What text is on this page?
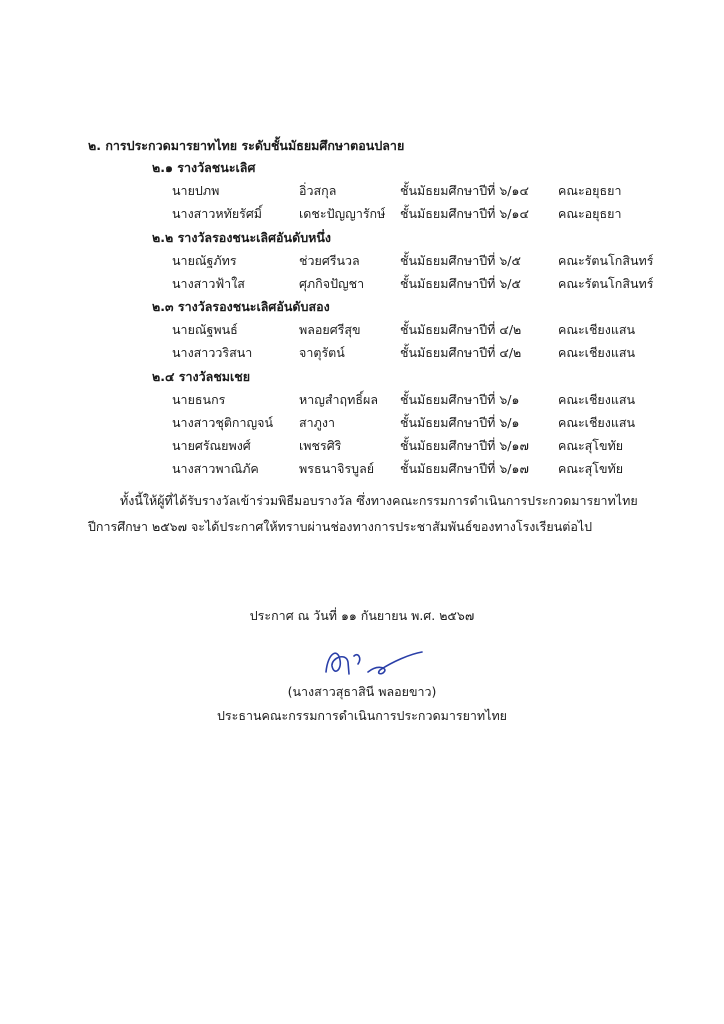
๒. การประกวดมารยาทไทย ระดับชั้นมัธยมศึกษาตอนปลาย
๒.๑ รางวัลชนะเลิศ
นายปภพ	อิ่วสกุล	ชั้นมัธยมศึกษาปีที่ ๖/๑๔ คณะอยุธยา
นางสาวหทัยรัศมิ์	เดชะปัญญารักษ์ ชั้นมัธยมศึกษาปีที่ ๖/๑๔ คณะอยุธยา
๒.๒ รางวัลรองชนะเลิศอันดับหนึ่ง
นายณัฐภัทร	ช่วยศรีนวล	ชั้นมัธยมศึกษาปีที่ ๖/๕	คณะรัตนโกสินทร์
นางสาวฟ้าใส	ศุภกิจปัญชา	ชั้นมัธยมศึกษาปีที่ ๖/๕	คณะรัตนโกสินทร์
๒.๓ รางวัลรองชนะเลิศอันดับสอง
นายณัฐพนธ์	พลอยศรีสุข	ชั้นมัธยมศึกษาปีที่ ๔/๒	คณะเชียงแสน
นางสาววริสนา	จาตุรัตน์	ชั้นมัธยมศึกษาปีที่ ๔/๒	คณะเชียงแสน
๒.๔ รางวัลชมเชย
นายธนกร	หาญสำฤทธิ์ผล ชั้นมัธยมศึกษาปีที่ ๖/๑	คณะเชียงแสน
นางสาวชุติกาญจน์ สาภูงา	ชั้นมัธยมศึกษาปีที่ ๖/๑	คณะเชียงแสน
นายศรัณยพงศ์	เพชรศิริ	ชั้นมัธยมศึกษาปีที่ ๖/๑๗ คณะสุโขทัย
นางสาวพาณิภัค	พรธนาจิรบูลย์ ชั้นมัธยมศึกษาปีที่ ๖/๑๗ คณะสุโขทัย
ทั้งนี้ให้ผู้ที่ได้รับรางวัลเข้าร่วมพิธีมอบรางวัล ซึ่งทางคณะกรรมการดำเนินการประกวดมารยาทไทย
ปีการศึกษา ๒๕๖๗ จะได้ประกาศให้ทราบผ่านช่องทางการประชาสัมพันธ์ของทางโรงเรียนต่อไป
ประกาศ ณ วันที่ ๑๑ กันยายน พ.ศ. ๒๕๖๗
(นางสาวสุธาสินี พลอยขาว)
ประธานคณะกรรมการดำเนินการประกวดมารยาทไทย
